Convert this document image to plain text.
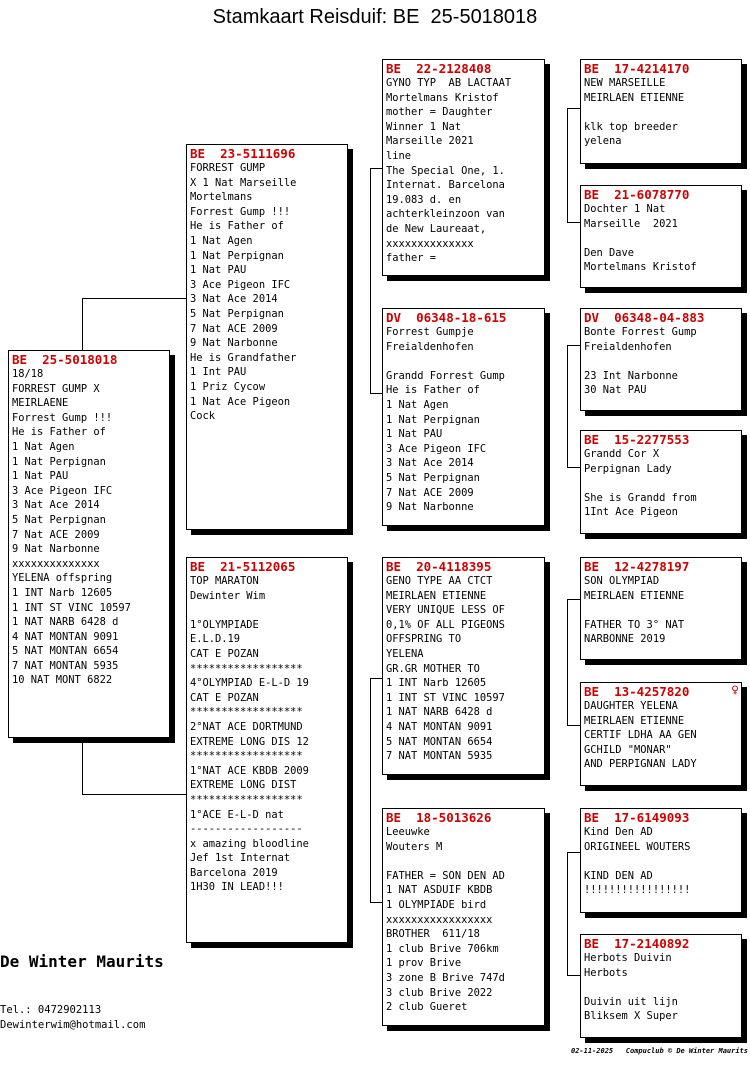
Stamkaart Reisduif: BE  25-5018018
BE  25-5018018
18/18
FORREST GUMP X
MEIRLAENE
Forrest Gump !!!
He is Father of
1 Nat Agen
1 Nat Perpignan
1 Nat PAU
3 Ace Pigeon IFC
3 Nat Ace 2014
5 Nat Perpignan
7 Nat ACE 2009
9 Nat Narbonne
xxxxxxxxxxxxxx
YELENA offspring
1 INT Narb 12605
1 INT ST VINC 10597
1 NAT NARB 6428 d
4 NAT MONTAN 9091
5 NAT MONTAN 6654
7 NAT MONTAN 5935
10 NAT MONT 6822
BE  23-5111696
FORREST GUMP
X 1 Nat Marseille
Mortelmans
Forrest Gump !!!
He is Father of
1 Nat Agen
1 Nat Perpignan
1 Nat PAU
3 Ace Pigeon IFC
3 Nat Ace 2014
5 Nat Perpignan
7 Nat ACE 2009
9 Nat Narbonne
He is Grandfather
1 Int PAU
1 Priz Cycow
1 Nat Ace Pigeon
Cock
BE  21-5112065
TOP MARATON
Dewinter Wim
1°OLYMPIADE
E.L.D.19
CAT E POZAN
******************
4°OLYMPIAD E-L-D 19
CAT E POZAN
******************
2°NAT ACE DORTMUND
EXTREME LONG DIS 12
******************
1°NAT ACE KBDB 2009
EXTREME LONG DIST
******************
1°ACE E-L-D nat
------------------
x amazing bloodline
Jef 1st Internat
Barcelona 2019
1H30 IN LEAD!!!
BE  22-2128408
GYNO TYP  AB LACTAAT
Mortelmans Kristof
mother = Daughter
Winner 1 Nat
Marseille 2021
line
The Special One, 1.
Internat. Barcelona
19.083 d. en
achterkleinzoon van
de New Laureaat,
xxxxxxxxxxxxxx
father =
DV  06348-18-615
Forrest Gumpje
Freialdenhofen
Grandd Forrest Gump
He is Father of
1 Nat Agen
1 Nat Perpignan
1 Nat PAU
3 Ace Pigeon IFC
3 Nat Ace 2014
5 Nat Perpignan
7 Nat ACE 2009
9 Nat Narbonne
BE  20-4118395
GENO TYPE AA CTCT
MEIRLAEN ETIENNE
VERY UNIQUE LESS OF
0,1% OF ALL PIGEONS
OFFSPRING TO
YELENA
GR.GR MOTHER TO
1 INT Narb 12605
1 INT ST VINC 10597
1 NAT NARB 6428 d
4 NAT MONTAN 9091
5 NAT MONTAN 6654
7 NAT MONTAN 5935
BE  18-5013626
Leeuwke
Wouters M
FATHER = SON DEN AD
1 NAT ASDUIF KBDB
1 OLYMPIADE bird
xxxxxxxxxxxxxxxxx
BROTHER  611/18
1 club Brive 706km
1 prov Brive
3 zone B Brive 747d
3 club Brive 2022
2 club Gueret
BE  17-4214170
NEW MARSEILLE
MEIRLAEN ETIENNE
klk top breeder
yelena
BE  21-6078770
Dochter 1 Nat
Marseille  2021
Den Dave
Mortelmans Kristof
DV  06348-04-883
Bonte Forrest Gump
Freialdenhofen
23 Int Narbonne
30 Nat PAU
BE  15-2277553
Grandd Cor X
Perpignan Lady
She is Grandd from
1Int Ace Pigeon
BE  12-4278197
SON OLYMPIAD
MEIRLAEN ETIENNE
FATHER TO 3° NAT
NARBONNE 2019
BE  13-4257820	♀
DAUGHTER YELENA
MEIRLAEN ETIENNE
CERTIF LDHA AA GEN
GCHILD "MONAR"
AND PERPIGNAN LADY
BE  17-6149093
Kind Den AD
ORIGINEEL WOUTERS
KIND DEN AD
!!!!!!!!!!!!!!!!!
BE  17-2140892
Herbots Duivin
Herbots
Duivin uit lijn
Bliksem X Super
De Winter Maurits
Tel.: 0472902113
Dewinterwim@hotmail.com
02-11-2025   Compuclub © De Winter Maurits
